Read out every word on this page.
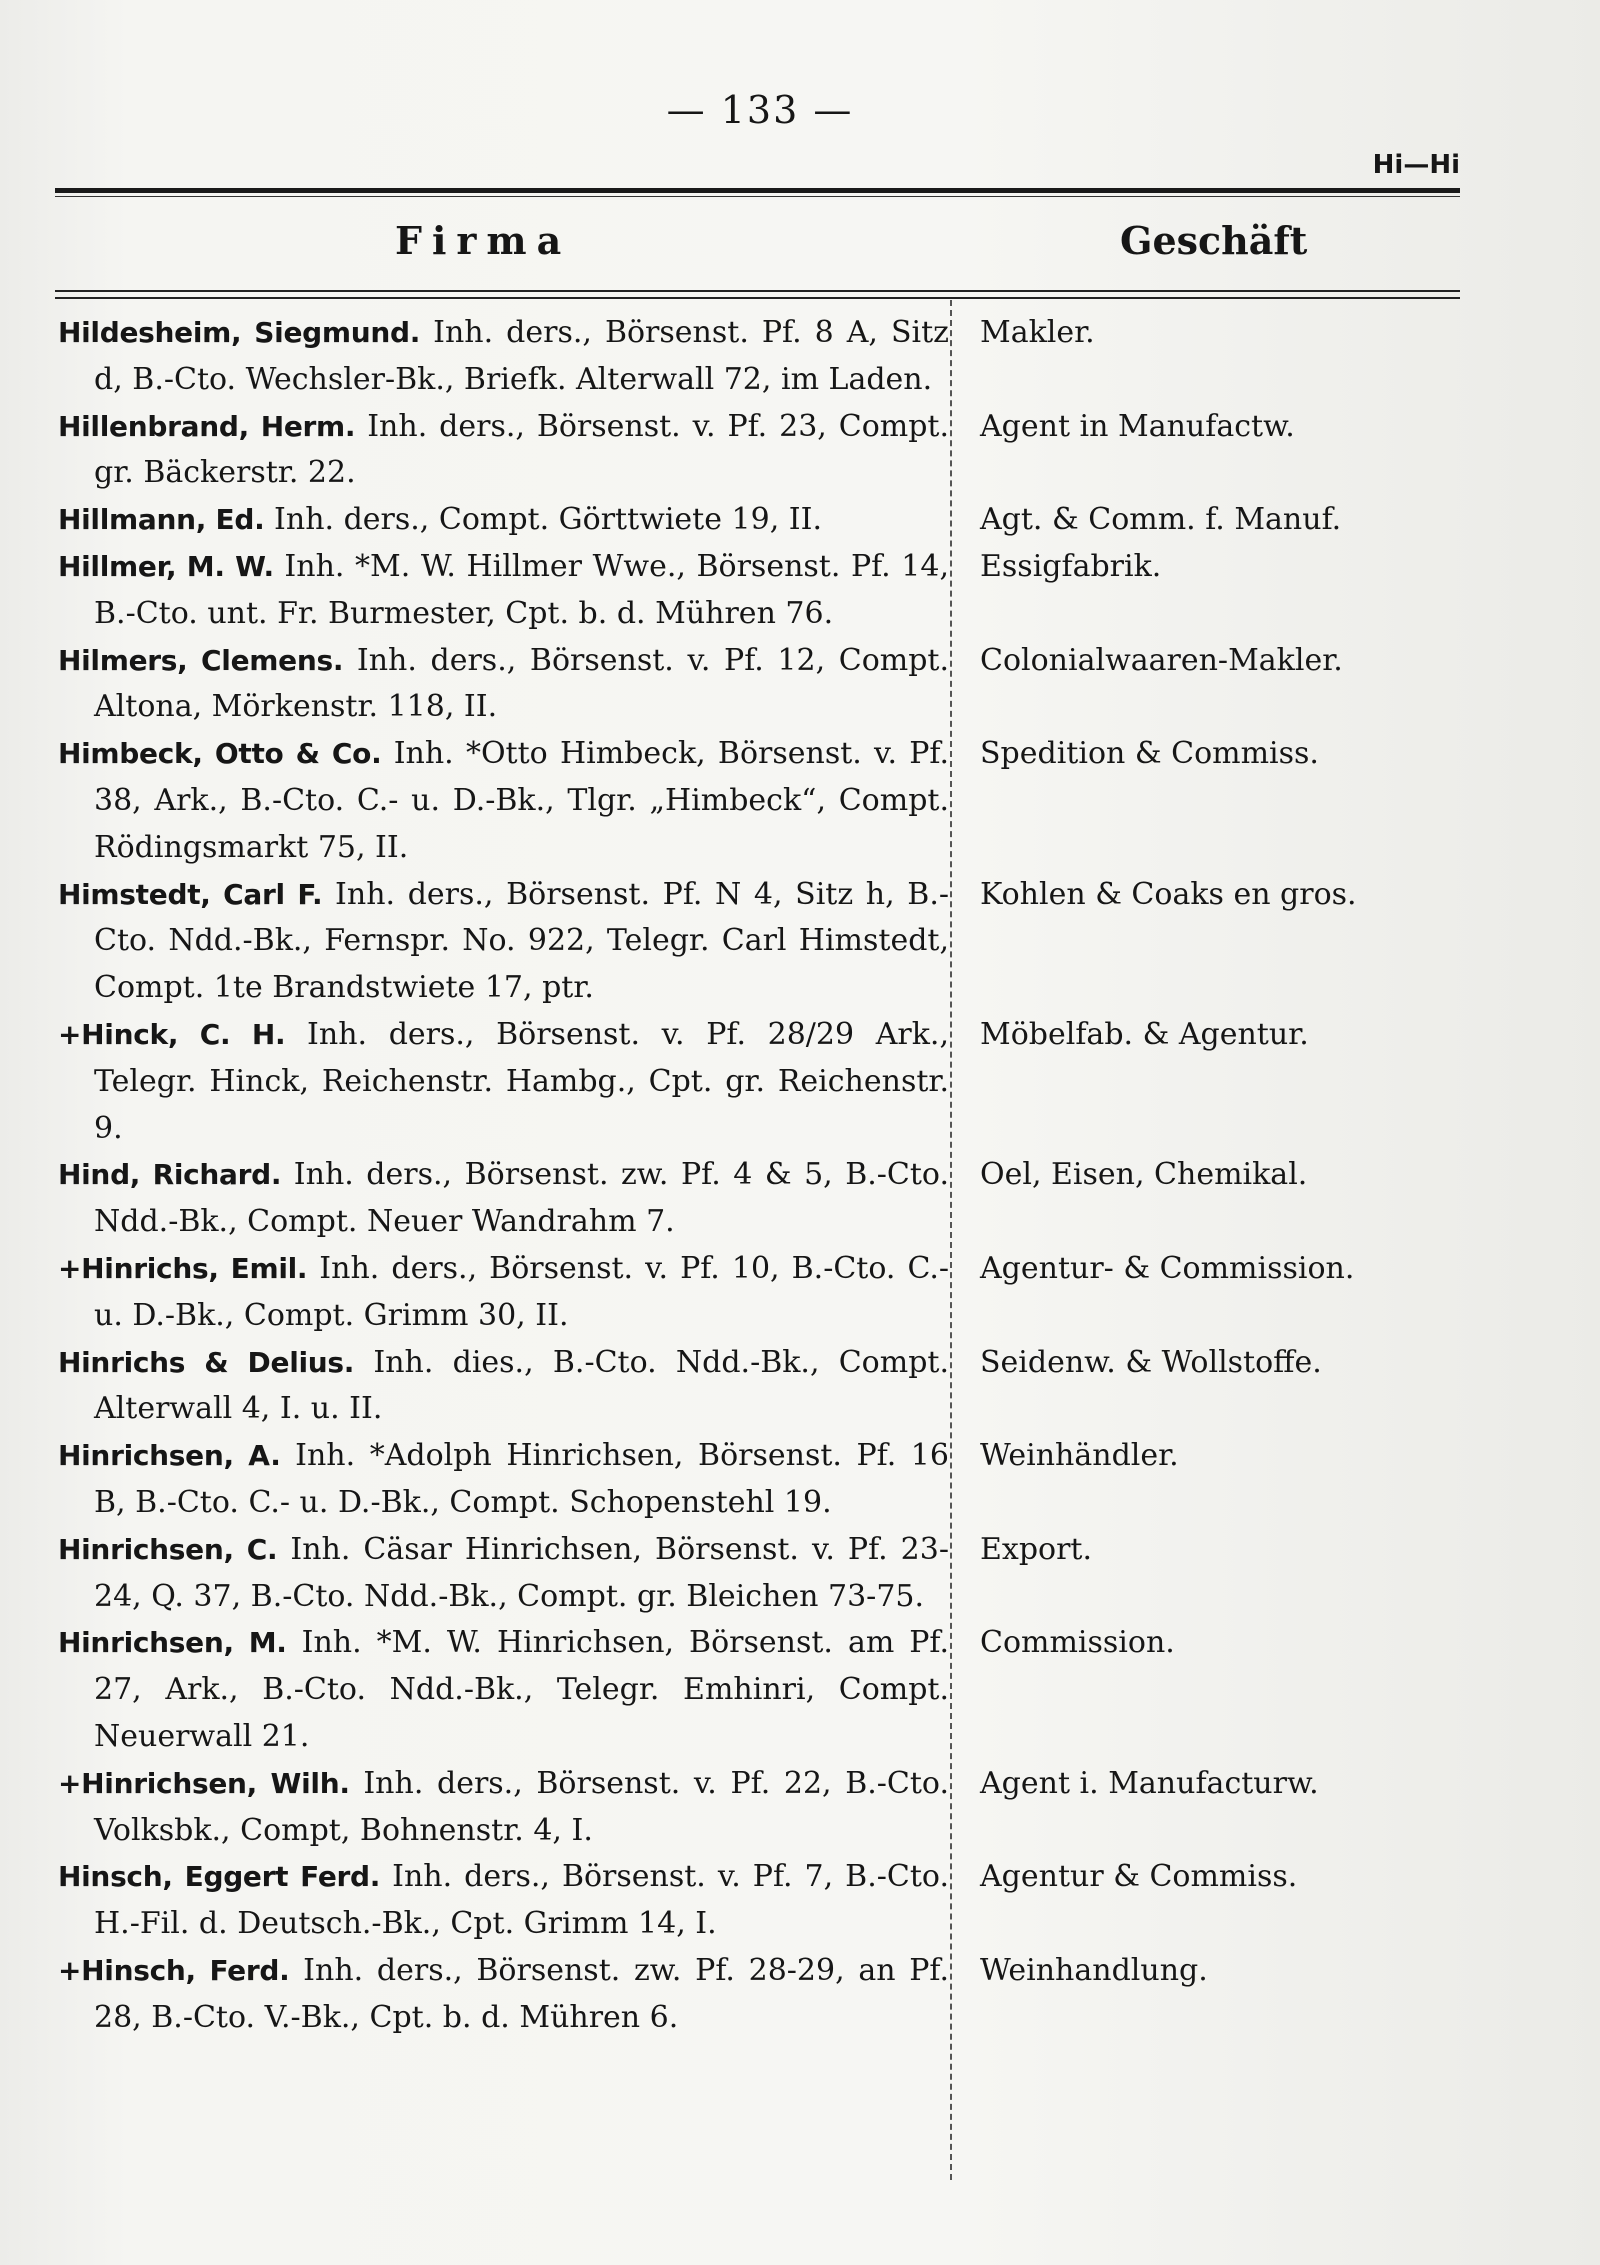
— 133 —
Hi—Hi
Firma	Geschäft
Hildesheim, Siegmund. Inh. ders., Börsenst. Pf. 8 A, Sitz d, B.-Cto. Wechsler-Bk., Briefk. Alterwall 72, im Laden.
Makler.
Hillenbrand, Herm. Inh. ders., Börsenst. v. Pf. 23, Compt. gr. Bäckerstr. 22.
Agent in Manufactw.
Hillmann, Ed. Inh. ders., Compt. Görttwiete 19, II.	Agt. & Comm. f. Manuf.
Hillmer, M. W. Inh. *M. W. Hillmer Wwe., Börsenst. Pf. 14, B.-Cto. unt. Fr. Burmester, Cpt. b. d. Mühren 76.
Essigfabrik.
Hilmers, Clemens. Inh. ders., Börsenst. v. Pf. 12, Compt. Altona, Mörkenstr. 118, II.
Colonialwaaren-Makler.
Himbeck, Otto & Co. Inh. *Otto Himbeck, Börsenst. v. Pf. 38, Ark., B.-Cto. C.- u. D.-Bk., Tlgr. „Himbeck“, Compt. Rödingsmarkt 75, II.
Spedition & Commiss.
Himstedt, Carl F. Inh. ders., Börsenst. Pf. N 4, Sitz h, B.-Cto. Ndd.-Bk., Fernspr. No. 922, Telegr. Carl Himstedt, Compt. 1te Brandstwiete 17, ptr.
Kohlen & Coaks en gros.
+Hinck, C. H. Inh. ders., Börsenst. v. Pf. 28/29 Ark., Telegr. Hinck, Reichenstr. Hambg., Cpt. gr. Reichenstr. 9.
Möbelfab. & Agentur.
Hind, Richard. Inh. ders., Börsenst. zw. Pf. 4 & 5, B.-Cto. Ndd.-Bk., Compt. Neuer Wandrahm 7.
Oel, Eisen, Chemikal.
+Hinrichs, Emil. Inh. ders., Börsenst. v. Pf. 10, B.-Cto. C.- u. D.-Bk., Compt. Grimm 30, II.
Agentur- & Commission.
Hinrichs & Delius. Inh. dies., B.-Cto. Ndd.-Bk., Compt. Alterwall 4, I. u. II.
Seidenw. & Wollstoffe.
Hinrichsen, A. Inh. *Adolph Hinrichsen, Börsenst. Pf. 16 B, B.-Cto. C.- u. D.-Bk., Compt. Schopenstehl 19.
Weinhändler.
Hinrichsen, C. Inh. Cäsar Hinrichsen, Börsenst. v. Pf. 23-24, Q. 37, B.-Cto. Ndd.-Bk., Compt. gr. Bleichen 73-75.
Export.
Hinrichsen, M. Inh. *M. W. Hinrichsen, Börsenst. am Pf. 27, Ark., B.-Cto. Ndd.-Bk., Telegr. Emhinri, Compt. Neuerwall 21.
Commission.
+Hinrichsen, Wilh. Inh. ders., Börsenst. v. Pf. 22, B.-Cto. Volksbk., Compt, Bohnenstr. 4, I.
Agent i. Manufacturw.
Hinsch, Eggert Ferd. Inh. ders., Börsenst. v. Pf. 7, B.-Cto. H.-Fil. d. Deutsch.-Bk., Cpt. Grimm 14, I.
Agentur & Commiss.
+Hinsch, Ferd. Inh. ders., Börsenst. zw. Pf. 28-29, an Pf. 28, B.-Cto. V.-Bk., Cpt. b. d. Mühren 6.
Weinhandlung.
